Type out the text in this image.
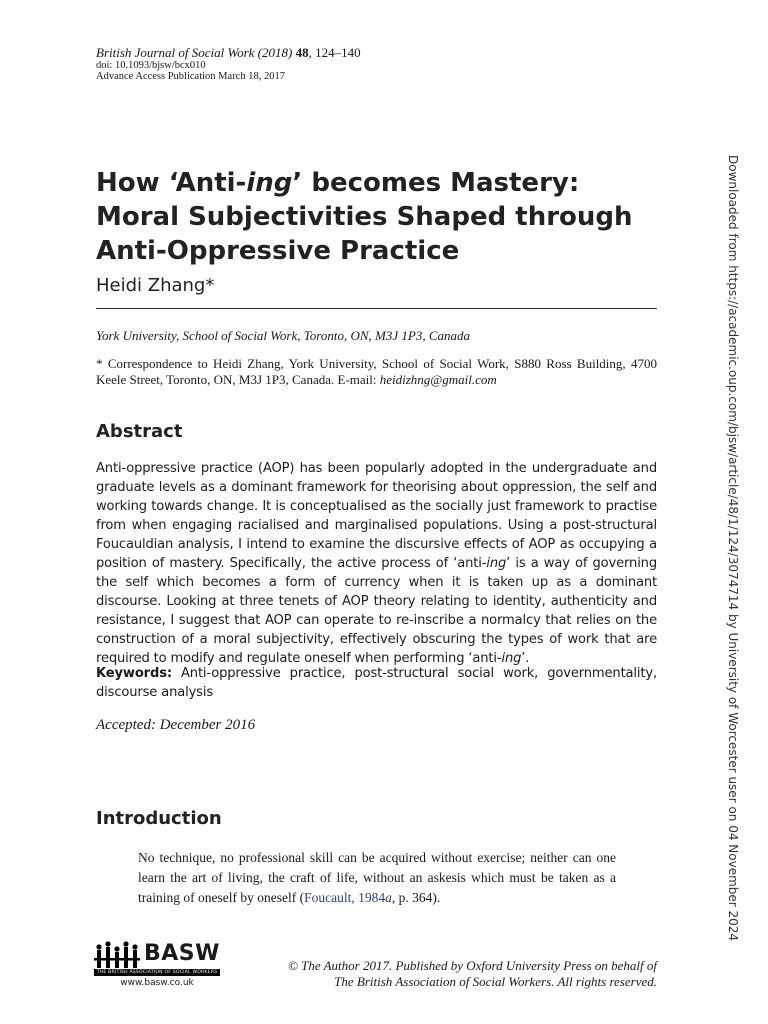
British Journal of Social Work (2018) 48, 124–140
doi: 10.1093/bjsw/bcx010
Advance Access Publication March 18, 2017
How ‘Anti-ing’ becomes Mastery:
Moral Subjectivities Shaped through
Anti-Oppressive Practice
Heidi Zhang*
York University, School of Social Work, Toronto, ON, M3J 1P3, Canada
* Correspondence to Heidi Zhang, York University, School of Social Work, S880 Ross Building, 4700 Keele Street, Toronto, ON, M3J 1P3, Canada. E-mail: heidizhng@gmail.com
Abstract
Anti-oppressive practice (AOP) has been popularly adopted in the undergraduate and graduate levels as a dominant framework for theorising about oppression, the self and working towards change. It is conceptualised as the socially just framework to practise from when engaging racialised and marginalised populations. Using a post-structural Foucauldian analysis, I intend to examine the discursive effects of AOP as occupying a position of mastery. Specifically, the active process of ‘anti-ing’ is a way of governing the self which becomes a form of currency when it is taken up as a dominant discourse. Looking at three tenets of AOP theory relating to identity, authenticity and resistance, I suggest that AOP can operate to re-inscribe a normalcy that relies on the construction of a moral subjectivity, effectively obscuring the types of work that are required to modify and regulate oneself when performing ‘anti-ing’.
Keywords: Anti-oppressive practice, post-structural social work, governmentality, discourse analysis
Accepted: December 2016
Introduction
No technique, no professional skill can be acquired without exercise; neither can one learn the art of living, the craft of life, without an askesis which must be taken as a training of oneself by oneself (Foucault, 1984a, p. 364).
BASW
THE BRITISH ASSOCIATION OF SOCIAL WORKERS
www.basw.co.uk
© The Author 2017. Published by Oxford University Press on behalf of
The British Association of Social Workers. All rights reserved.
Downloaded from https://academic.oup.com/bjsw/article/48/1/124/3074714 by University of Worcester user on 04 November 2024
